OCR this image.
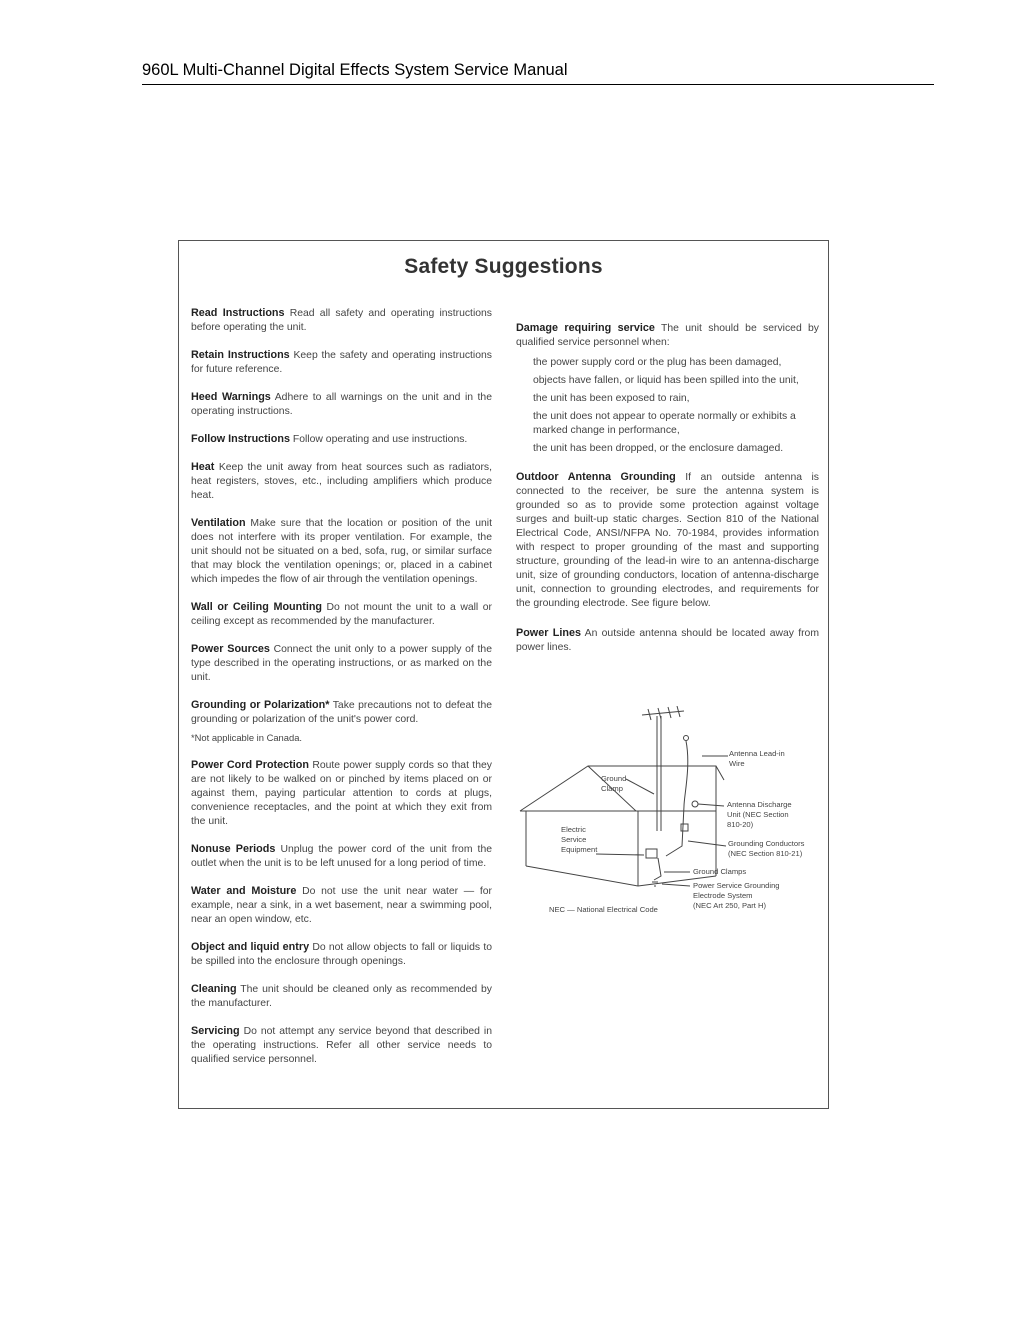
960L Multi-Channel Digital Effects System Service Manual
Safety Suggestions

Read Instructions Read all safety and operating instructions before operating the unit.

Retain Instructions Keep the safety and operating instructions for future reference.

Heed Warnings Adhere to all warnings on the unit and in the operating instructions.

Follow Instructions Follow operating and use instructions.

Heat Keep the unit away from heat sources such as radiators, heat registers, stoves, etc., including amplifiers which produce heat.

Ventilation Make sure that the location or position of the unit does not interfere with its proper ventilation. For example, the unit should not be situated on a bed, sofa, rug, or similar surface that may block the ventilation openings; or, placed in a cabinet which impedes the flow of air through the ventilation openings.

Wall or Ceiling Mounting Do not mount the unit to a wall or ceiling except as recommended by the manufacturer.

Power Sources Connect the unit only to a power supply of the type described in the operating instructions, or as marked on the unit.

Grounding or Polarization* Take precautions not to defeat the grounding or polarization of the unit's power cord.
*Not applicable in Canada.

Power Cord Protection Route power supply cords so that they are not likely to be walked on or pinched by items placed on or against them, paying particular attention to cords at plugs, convenience receptacles, and the point at which they exit from the unit.

Nonuse Periods Unplug the power cord of the unit from the outlet when the unit is to be left unused for a long period of time.

Water and Moisture Do not use the unit near water — for example, near a sink, in a wet basement, near a swimming pool, near an open window, etc.

Object and liquid entry Do not allow objects to fall or liquids to be spilled into the enclosure through openings.

Cleaning The unit should be cleaned only as recommended by the manufacturer.

Servicing Do not attempt any service beyond that described in the operating instructions. Refer all other service needs to qualified service personnel.

Damage requiring service The unit should be serviced by qualified service personnel when:

the power supply cord or the plug has been damaged,
objects have fallen, or liquid has been spilled into the unit,
the unit has been exposed to rain,
the unit does not appear to operate normally or exhibits a marked change in performance,
the unit has been dropped, or the enclosure damaged.

Outdoor Antenna Grounding If an outside antenna is connected to the receiver, be sure the antenna system is grounded so as to provide some protection against voltage surges and built-up static charges. Section 810 of the National Electrical Code, ANSI/NFPA No. 70-1984, provides information with respect to proper grounding of the mast and supporting structure, grounding of the lead-in wire to an antenna-discharge unit, size of grounding conductors, location of antenna-discharge unit, connection to grounding electrodes, and requirements for the grounding electrode. See figure below.

Power Lines An outside antenna should be located away from power lines.

Ground Clamp
Antenna Lead-in Wire
Antenna Discharge Unit (NEC Section 810-20)
Electric Service Equipment
Grounding Conductors (NEC Section 810-21)
Ground Clamps
Power Service Grounding Electrode System (NEC Art 250, Part H)
NEC — National Electrical Code
